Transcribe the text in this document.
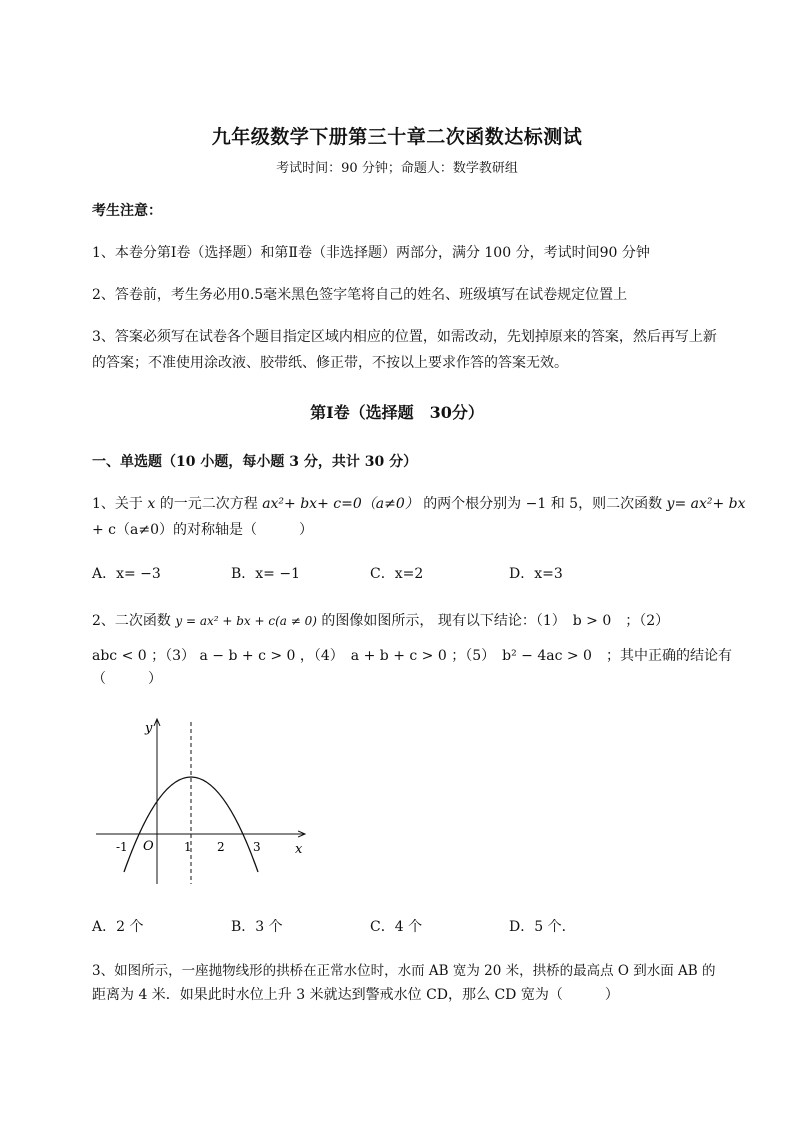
九年级数学下册第三十章二次函数达标测试
考试时间：90 分钟；命题人：数学教研组
考生注意：
1、本卷分第Ⅰ卷（选择题）和第Ⅱ卷（非选择题）两部分，满分 100 分，考试时间90 分钟
2、答卷前，考生务必用0.5毫米黑色签字笔将自己的姓名、班级填写在试卷规定位置上
3、答案必须写在试卷各个题目指定区域内相应的位置，如需改动，先划掉原来的答案，然后再写上新
的答案；不准使用涂改液、胶带纸、修正带，不按以上要求作答的答案无效。
第Ⅰ卷（选择题　30分）
一、单选题（10 小题，每小题 3 分，共计 30 分）
1、关于 x 的一元二次方程 ax²+ bx+ c=0（a≠0） 的两个根分别为 −1 和 5，则二次函数 y= ax²+ bx
+ c（a≠0）的对称轴是（　　　）
A．x= −3	B．x= −1	C．x=2	D．x=3
2、二次函数 y = ax² + bx + c(a ≠ 0) 的图像如图所示， 现有以下结论：（1）　b > 0　；（2）
abc < 0 ；（3） a − b + c > 0 ，（4）　a + b + c > 0 ；（5）　b² − 4ac > 0　；其中正确的结论有
（　　　）
y
x
O
-1	1 2 3
A．2 个	B．3 个	C．4 个	D．5 个．
3、如图所示，一座抛物线形的拱桥在正常水位时，水而 AB 宽为 20 米，拱桥的最高点 O 到水面 AB 的
距离为 4 米．如果此时水位上升 3 米就达到警戒水位 CD，那么 CD 宽为（　　　）
